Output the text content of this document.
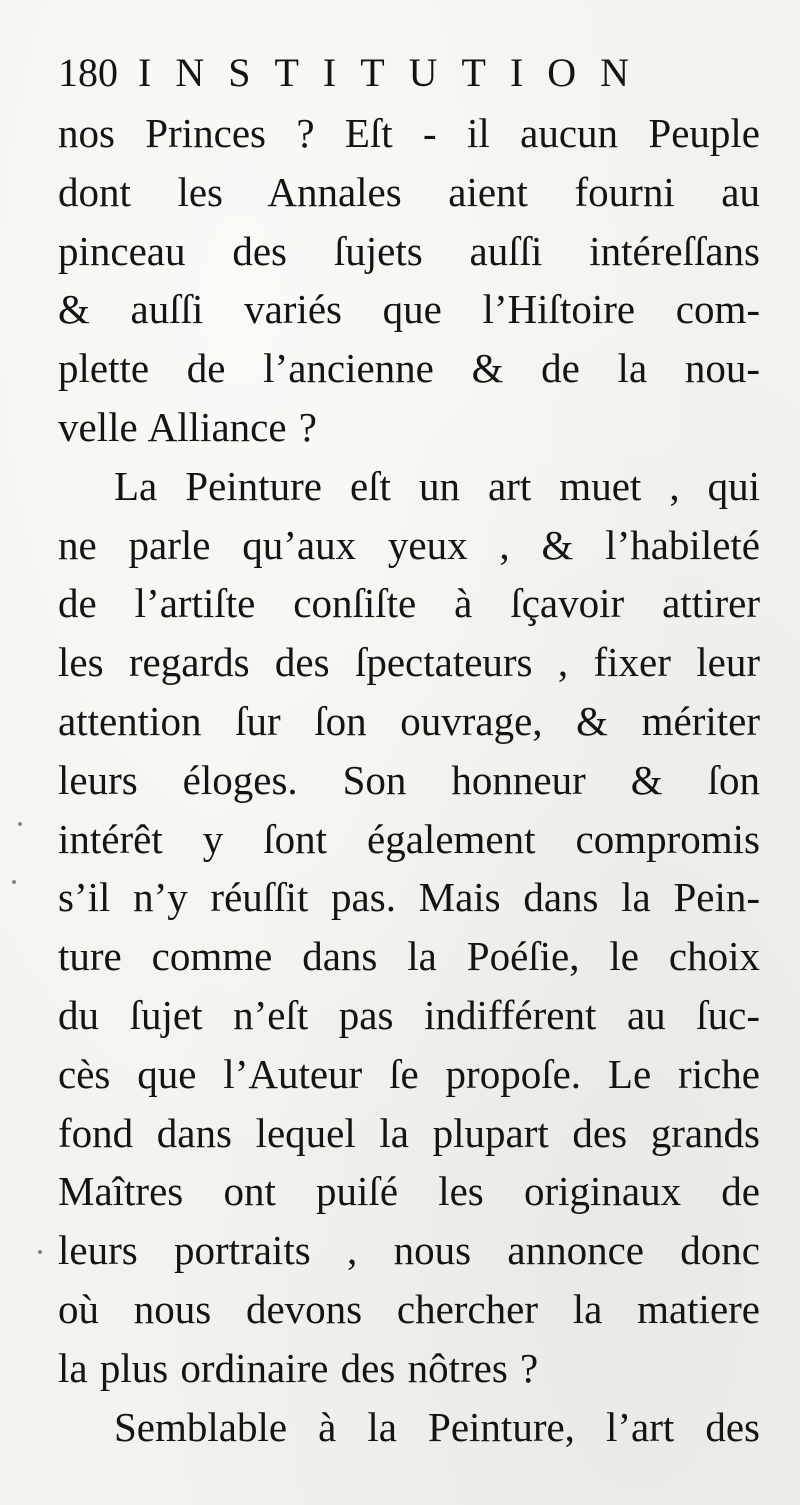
180 INSTITUTION
nos Princes ? Eſt - il aucun Peuple
dont les Annales aient fourni au
pinceau des ſujets auſſi intéreſſans
& auſſi variés que l’Hiſtoire com-
plette de l’ancienne & de la nou-
velle Alliance ?
La Peinture eſt un art muet , qui
ne parle qu’aux yeux , & l’habileté
de l’artiſte conſiſte à ſçavoir attirer
les regards des ſpectateurs , fixer leur
attention ſur ſon ouvrage, & mériter
leurs éloges. Son honneur & ſon
intérêt y ſont également compromis
s’il n’y réuſſit pas. Mais dans la Pein-
ture comme dans la Poéſie, le choix
du ſujet n’eſt pas indifférent au ſuc-
cès que l’Auteur ſe propoſe. Le riche
fond dans lequel la plupart des grands
Maîtres ont puiſé les originaux de
leurs portraits , nous annonce donc
où nous devons chercher la matiere
la plus ordinaire des nôtres ?
Semblable à la Peinture, l’art des
